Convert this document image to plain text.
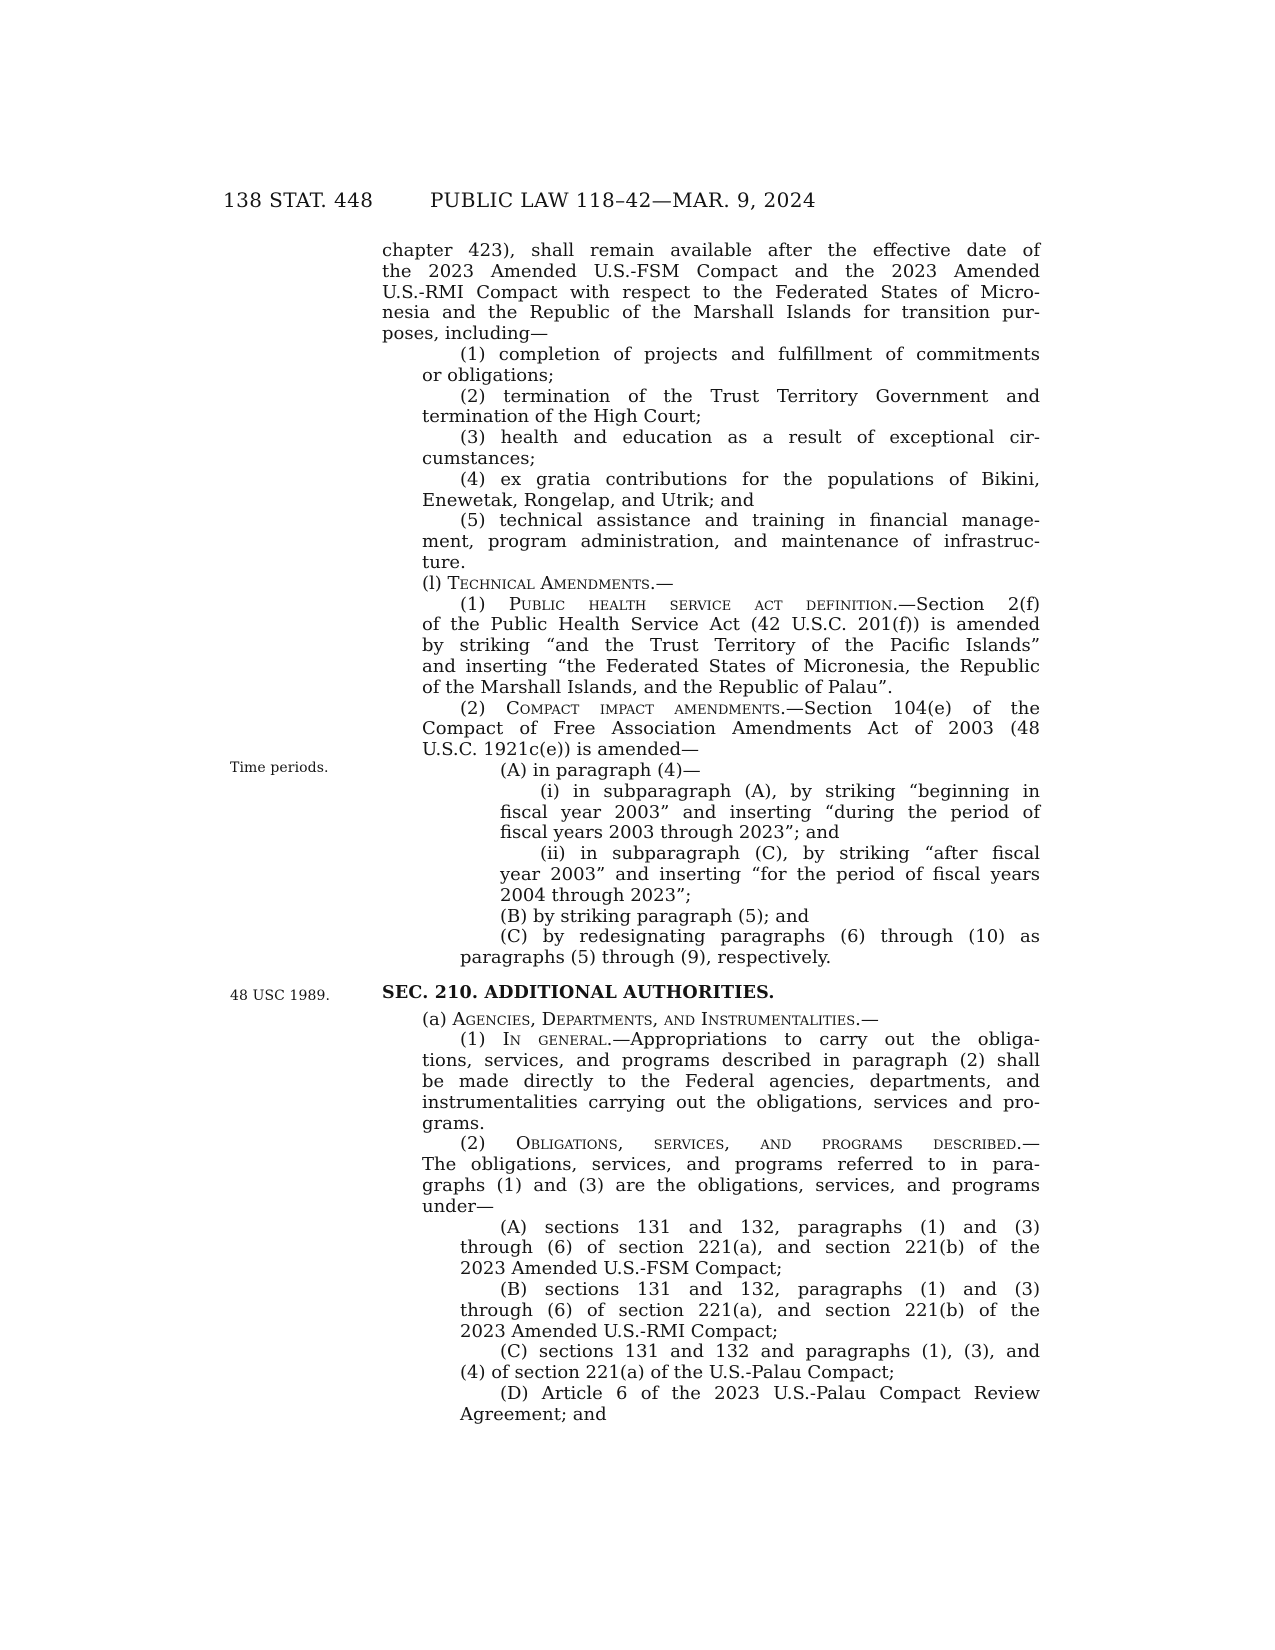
138 STAT. 448	PUBLIC LAW 118–42—MAR. 9, 2024
Time periods.
48 USC 1989.
chapter 423), shall remain available after the effective date of
the 2023 Amended U.S.-FSM Compact and the 2023 Amended
U.S.-RMI Compact with respect to the Federated States of Micro-
nesia and the Republic of the Marshall Islands for transition pur-
poses, including—
(1) completion of projects and fulfillment of commitments
or obligations;
(2) termination of the Trust Territory Government and
termination of the High Court;
(3) health and education as a result of exceptional cir-
cumstances;
(4) ex gratia contributions for the populations of Bikini,
Enewetak, Rongelap, and Utrik; and
(5) technical assistance and training in financial manage-
ment, program administration, and maintenance of infrastruc-
ture.
(l) Technical Amendments.—
(1) Public health service act definition.—Section 2(f)
of the Public Health Service Act (42 U.S.C. 201(f)) is amended
by striking “and the Trust Territory of the Pacific Islands”
and inserting “the Federated States of Micronesia, the Republic
of the Marshall Islands, and the Republic of Palau”.
(2) Compact impact amendments.—Section 104(e) of the
Compact of Free Association Amendments Act of 2003 (48
U.S.C. 1921c(e)) is amended—
(A) in paragraph (4)—
(i) in subparagraph (A), by striking “beginning in
fiscal year 2003” and inserting “during the period of
fiscal years 2003 through 2023”; and
(ii) in subparagraph (C), by striking “after fiscal
year 2003” and inserting “for the period of fiscal years
2004 through 2023”;
(B) by striking paragraph (5); and
(C) by redesignating paragraphs (6) through (10) as
paragraphs (5) through (9), respectively.
SEC. 210. ADDITIONAL AUTHORITIES.
(a) Agencies, Departments, and Instrumentalities.—
(1) In general.—Appropriations to carry out the obliga-
tions, services, and programs described in paragraph (2) shall
be made directly to the Federal agencies, departments, and
instrumentalities carrying out the obligations, services and pro-
grams.
(2) Obligations, services, and programs described.—
The obligations, services, and programs referred to in para-
graphs (1) and (3) are the obligations, services, and programs
under—
(A) sections 131 and 132, paragraphs (1) and (3)
through (6) of section 221(a), and section 221(b) of the
2023 Amended U.S.-FSM Compact;
(B) sections 131 and 132, paragraphs (1) and (3)
through (6) of section 221(a), and section 221(b) of the
2023 Amended U.S.-RMI Compact;
(C) sections 131 and 132 and paragraphs (1), (3), and
(4) of section 221(a) of the U.S.-Palau Compact;
(D) Article 6 of the 2023 U.S.-Palau Compact Review
Agreement; and
